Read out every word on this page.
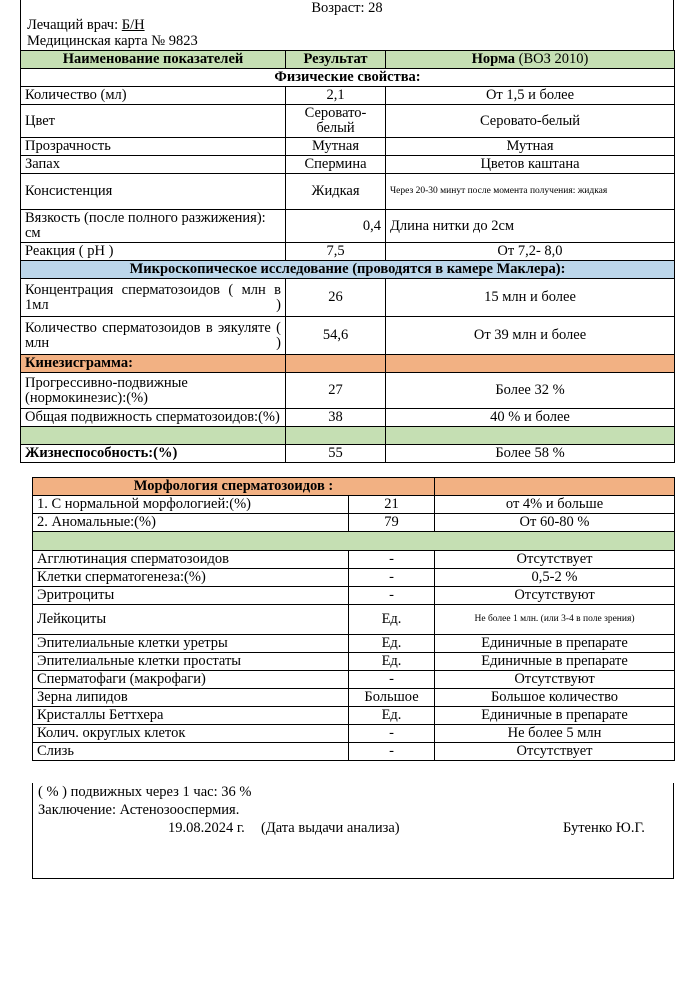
Возраст: 28
Лечащий врач: Б/Н
Медицинская карта № 9823
Наименование показателей	Результат	Норма (ВОЗ 2010)
Физические свойства:		
Количество (мл)	2,1	От 1,5 и более
Цвет	Серовато-белый	Серовато-белый
Прозрачность	Мутная	Мутная
Запах	Спермина	Цветов каштана
Консистенция	Жидкая	Через 20-30 минут после момента получения: жидкая
Вязкость (после полного разжижения): см	0,4	Длина нитки до 2см
Реакция ( рН )	7,5	От 7,2- 8,0
Микроскопическое исследование (проводятся в камере Маклера):		
Концентрация сперматозоидов ( млн в 1мл )	26	15 млн и более
Количество сперматозоидов в эякуляте ( млн )	54,6	От 39 млн и более
Кинезисграмма:		
Прогрессивно-подвижные (нормокинезис):(%)	27	Более 32 %
Общая подвижность сперматозоидов:(%)	38	40 % и более

Жизнеспособность:(%)	55	Более 58 %
Морфология сперматозоидов :		
1. С нормальной морфологией:(%)	21	от 4% и больше
2. Аномальные:(%)	79	От 60-80 %

Агглютинация сперматозоидов	-	Отсутствует
Клетки сперматогенеза:(%)	-	0,5-2 %
Эритроциты	-	Отсутствуют
Лейкоциты	Ед.	Не более 1 млн. (или 3-4 в поле зрения)
Эпителиальные клетки уретры	Ед.	Единичные в препарате
Эпителиальные клетки простаты	Ед.	Единичные в препарате
Сперматофаги (макрофаги)	-	Отсутствуют
Зерна липидов	Большое	Большое количество
Кристаллы Беттхера	Ед.	Единичные в препарате
Колич. округлых клеток	-	Не более 5 млн
Слизь	-	Отсутствует
( % ) подвижных через 1 час: 36 %
Заключение: Астенозооспермия.
19.08.2024 г. (Дата выдачи анализа)	Бутенко Ю.Г.
